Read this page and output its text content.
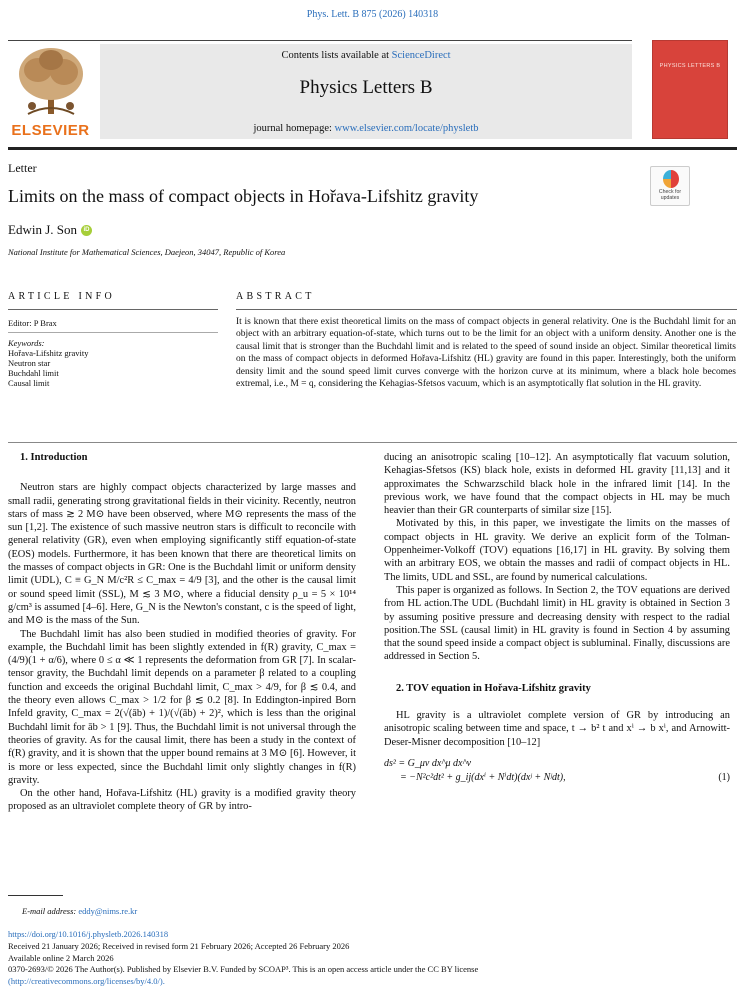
Phys. Lett. B 875 (2026) 140318
ELSEVIER
Contents lists available at ScienceDirect
Physics Letters B
journal homepage: www.elsevier.com/locate/physletb
PHYSICS LETTERS B
Letter
Limits on the mass of compact objects in Hořava-Lifshitz gravity	Check for updates
Edwin J. Son	iD
National Institute for Mathematical Sciences, Daejeon, 34047, Republic of Korea
ARTICLE INFO	ABSTRACT
Editor: P Brax
Keywords:
Hořava-Lifshitz gravity
Neutron star
Buchdahl limit
Causal limit
It is known that there exist theoretical limits on the mass of compact objects in general relativity. One is the Buchdahl limit for an object with an arbitrary equation-of-state, which turns out to be the limit for an object with a uniform density. Another one is the causal limit that is stronger than the Buchdahl limit and is related to the speed of sound inside an object. Similar theoretical limits on the mass of compact objects in deformed Hořava-Lifshitz (HL) gravity are found in this paper. Interestingly, both the uniform density limit and the sound speed limit curves converge with the horizon curve at its minimum, where a black hole becomes extremal, i.e., M = q, considering the Kehagias-Sfetsos vacuum, which is an asymptotically flat solution in the HL gravity.

1. Introduction

Neutron stars are highly compact objects characterized by large masses and small radii, generating strong gravitational fields in their vicinity. Recently, neutron stars of mass ≳ 2 M⊙ have been observed, where M⊙ represents the mass of the sun [1,2]. The existence of such massive neutron stars is difficult to reconcile with general relativity (GR), even when employing significantly stiff equation-of-state (EOS) models. Furthermore, it has been known that there are theoretical limits on the masses of compact objects in GR: One is the Buchdahl limit or uniform density limit (UDL), C ≡ G_N M/c²R ≤ C_max = 4/9 [3], and the other is the causal limit or sound speed limit (SSL), M ≲ 3 M⊙, where a fiducial density ρ_u = 5 × 10¹⁴ g/cm³ is assumed [4–6]. Here, G_N is the Newton's constant, c is the speed of light, and M⊙ is the mass of the Sun.

The Buchdahl limit has also been studied in modified theories of gravity. For example, the Buchdahl limit has been slightly extended in f(R) gravity, C_max = (4/9)(1 + α/6), where 0 ≤ α ≪ 1 represents the deformation from GR [7]. In scalar-tensor gravity, the Buchdahl limit depends on a parameter β related to a coupling function and exceeds the original Buchdahl limit, C_max > 4/9, for β ≲ 0.4, and the theory even allows C_max > 1/2 for β ≲ 0.2 [8]. In Eddington-inpired Born Infeld gravity, C_max = 2(√(āb) + 1)/(√(āb) + 2)², which is less than the original Buchdahl limit for āb > 1 [9]. Thus, the Buchdahl limit is not universal through the theories of gravity. As for the causal limit, there has been a study in the context of f(R) gravity, and it is shown that the upper bound remains at 3 M⊙ [6]. However, it is more or less expected, since the Buchdahl limit only slightly changes in f(R) gravity.

On the other hand, Hořava-Lifshitz (HL) gravity is a modified gravity theory proposed as an ultraviolet complete theory of GR by intro-

ducing an anisotropic scaling [10–12]. An asymptotically flat vacuum solution, Kehagias-Sfetsos (KS) black hole, exists in deformed HL gravity [11,13] and it approximates the Schwarzschild black hole in the infrared limit [14]. In the previous work, we have found that the compact objects in HL may be much heavier than their GR counterparts of similar size [15].

Motivated by this, in this paper, we investigate the limits on the masses of compact objects in HL gravity. We derive an explicit form of the Tolman-Oppenheimer-Volkoff (TOV) equations [16,17] in HL gravity. By solving them with an arbitrary EOS, we obtain the masses and radii of compact objects in HL. The limits, UDL and SSL, are found by numerical calculations.

This paper is organized as follows. In Section 2, the TOV equations are derived from HL action.The UDL (Buchdahl limit) in HL gravity is obtained in Section 3 by assuming positive pressure and decreasing density with respect to the radial position.The SSL (causal limit) in HL gravity is found in Section 4 by assuming that the sound speed inside a compact object is subluminal. Finally, discussions are addressed in Section 5.

2. TOV equation in Hořava-Lifshitz gravity

HL gravity is a ultraviolet complete version of GR by introducing an anisotropic scaling between time and space, t → b² t and xⁱ → b xⁱ, and Arnowitt-Deser-Misner decomposition [10–12]

ds² = G_μν dx^μ dx^ν
= −N²c²dt² + g_ij(dxⁱ + Nⁱdt)(dxʲ + Nʲdt),	(1)
E-mail address: eddy@nims.re.kr
https://doi.org/10.1016/j.physletb.2026.140318
Received 21 January 2026; Received in revised form 21 February 2026; Accepted 26 February 2026
Available online 2 March 2026
0370-2693/© 2026 The Author(s). Published by Elsevier B.V. Funded by SCOAP³. This is an open access article under the CC BY license
(http://creativecommons.org/licenses/by/4.0/).
